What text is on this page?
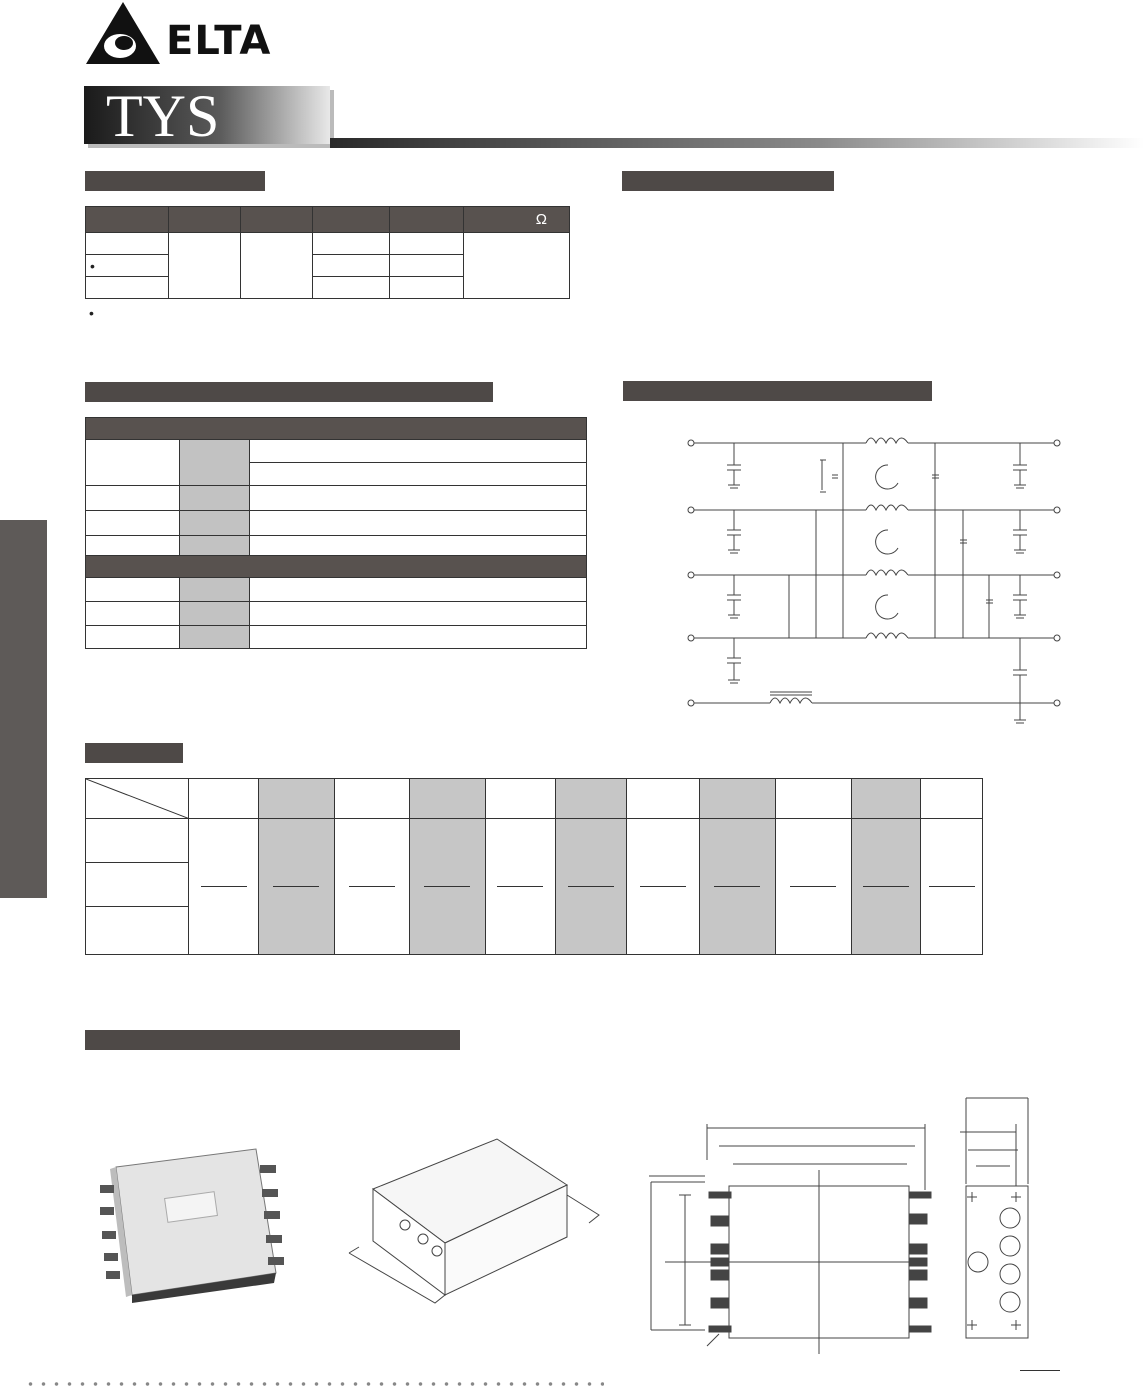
ELTA
TYS
					Ω

•					

•
